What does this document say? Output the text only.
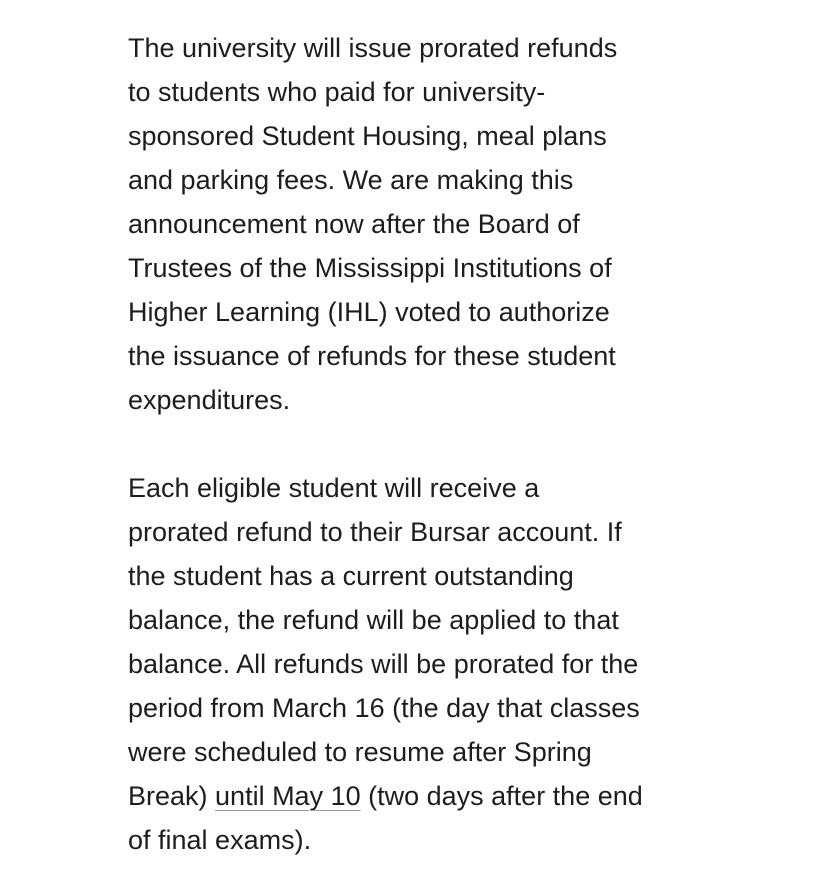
The university will issue prorated refunds
to students who paid for university-
sponsored Student Housing, meal plans
and parking fees. We are making this
announcement now after the Board of
Trustees of the Mississippi Institutions of
Higher Learning (IHL) voted to authorize
the issuance of refunds for these student
expenditures.

Each eligible student will receive a
prorated refund to their Bursar account. If
the student has a current outstanding
balance, the refund will be applied to that
balance. All refunds will be prorated for the
period from March 16 (the day that classes
were scheduled to resume after Spring
Break) until May 10 (two days after the end
of final exams).
